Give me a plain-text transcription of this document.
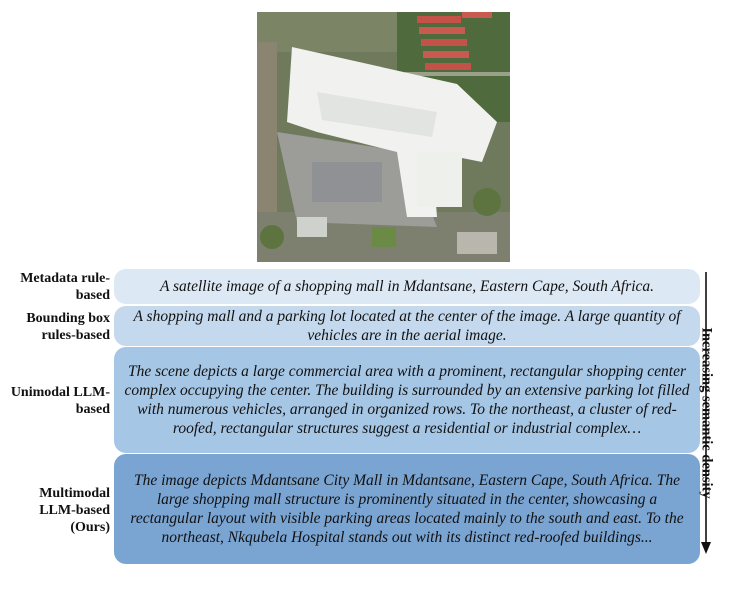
Metadata rule-based
Bounding box rules-based
Unimodal LLM-based
Multimodal LLM-based (Ours)
A satellite image of a shopping mall in Mdantsane, Eastern Cape, South Africa.
A shopping mall and a parking lot located at the center of the image. A large quantity of vehicles are in the aerial image.
The scene depicts a large commercial area with a prominent, rectangular shopping center complex occupying the center. The building is surrounded by an extensive parking lot filled with numerous vehicles, arranged in organized rows. To the northeast, a cluster of red-roofed, rectangular structures suggest a residential or industrial complex…
The image depicts Mdantsane City Mall in Mdantsane, Eastern Cape, South Africa. The large shopping mall structure is prominently situated in the center, showcasing a rectangular layout with visible parking areas located mainly to the south and east. To the northeast, Nkqubela Hospital stands out with its distinct red-roofed buildings...
Increasing semantic density
